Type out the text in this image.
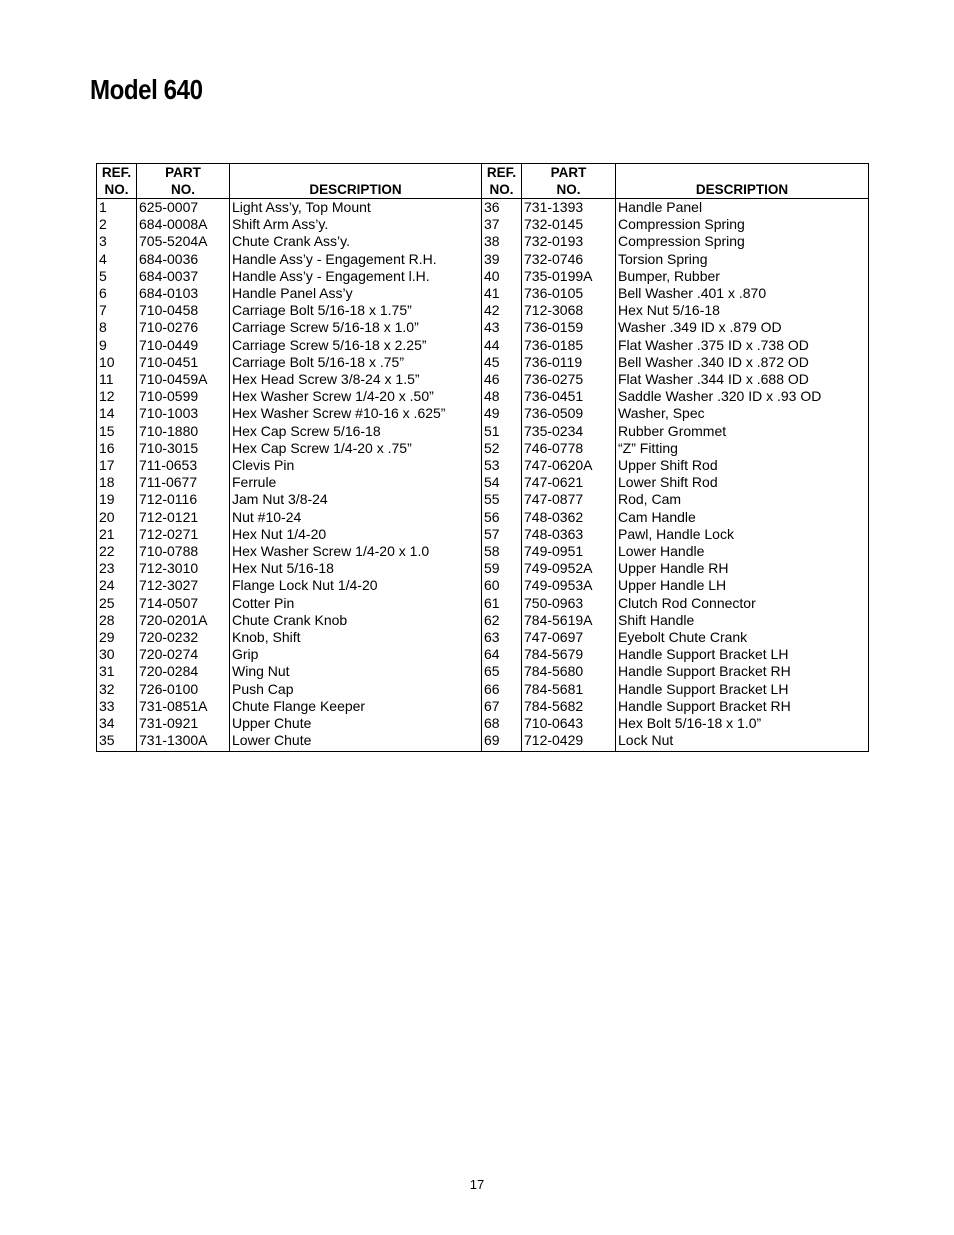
Model 640
REF.
NO.	PART
NO.	DESCRIPTION	REF.
NO.	PART
NO.	DESCRIPTION
1	625-0007	Light Ass’y, Top Mount	36	731-1393	Handle Panel
2	684-0008A	Shift Arm Ass’y.	37	732-0145	Compression Spring
3	705-5204A	Chute Crank Ass’y.	38	732-0193	Compression Spring
4	684-0036	Handle Ass’y - Engagement R.H.	39	732-0746	Torsion Spring
5	684-0037	Handle Ass’y - Engagement l.H.	40	735-0199A	Bumper, Rubber
6	684-0103	Handle Panel Ass’y	41	736-0105	Bell Washer .401 x .870
7	710-0458	Carriage Bolt 5/16-18 x 1.75”	42	712-3068	Hex Nut 5/16-18
8	710-0276	Carriage Screw 5/16-18 x 1.0”	43	736-0159	Washer .349 ID x .879 OD
9	710-0449	Carriage Screw 5/16-18 x 2.25”	44	736-0185	Flat Washer .375 ID x .738 OD
10	710-0451	Carriage Bolt 5/16-18 x .75”	45	736-0119	Bell Washer .340 ID x .872 OD
11	710-0459A	Hex Head Screw 3/8-24 x 1.5”	46	736-0275	Flat Washer .344 ID x .688 OD
12	710-0599	Hex Washer Screw 1/4-20 x .50”	48	736-0451	Saddle Washer .320 ID x .93 OD
14	710-1003	Hex Washer Screw #10-16 x .625”	49	736-0509	Washer, Spec
15	710-1880	Hex Cap Screw 5/16-18	51	735-0234	Rubber Grommet
16	710-3015	Hex Cap Screw 1/4-20 x .75”	52	746-0778	“Z” Fitting
17	711-0653	Clevis Pin	53	747-0620A	Upper Shift Rod
18	711-0677	Ferrule	54	747-0621	Lower Shift Rod
19	712-0116	Jam Nut 3/8-24	55	747-0877	Rod, Cam
20	712-0121	Nut #10-24	56	748-0362	Cam Handle
21	712-0271	Hex Nut 1/4-20	57	748-0363	Pawl, Handle Lock
22	710-0788	Hex Washer Screw 1/4-20 x 1.0	58	749-0951	Lower Handle
23	712-3010	Hex Nut 5/16-18	59	749-0952A	Upper Handle RH
24	712-3027	Flange Lock Nut 1/4-20	60	749-0953A	Upper Handle LH
25	714-0507	Cotter Pin	61	750-0963	Clutch Rod Connector
28	720-0201A	Chute Crank Knob	62	784-5619A	Shift Handle
29	720-0232	Knob, Shift	63	747-0697	Eyebolt Chute Crank
30	720-0274	Grip	64	784-5679	Handle Support Bracket LH
31	720-0284	Wing Nut	65	784-5680	Handle Support Bracket RH
32	726-0100	Push Cap	66	784-5681	Handle Support Bracket LH
33	731-0851A	Chute Flange Keeper	67	784-5682	Handle Support Bracket RH
34	731-0921	Upper Chute	68	710-0643	Hex Bolt 5/16-18 x 1.0”
35	731-1300A	Lower Chute	69	712-0429	Lock Nut
17
